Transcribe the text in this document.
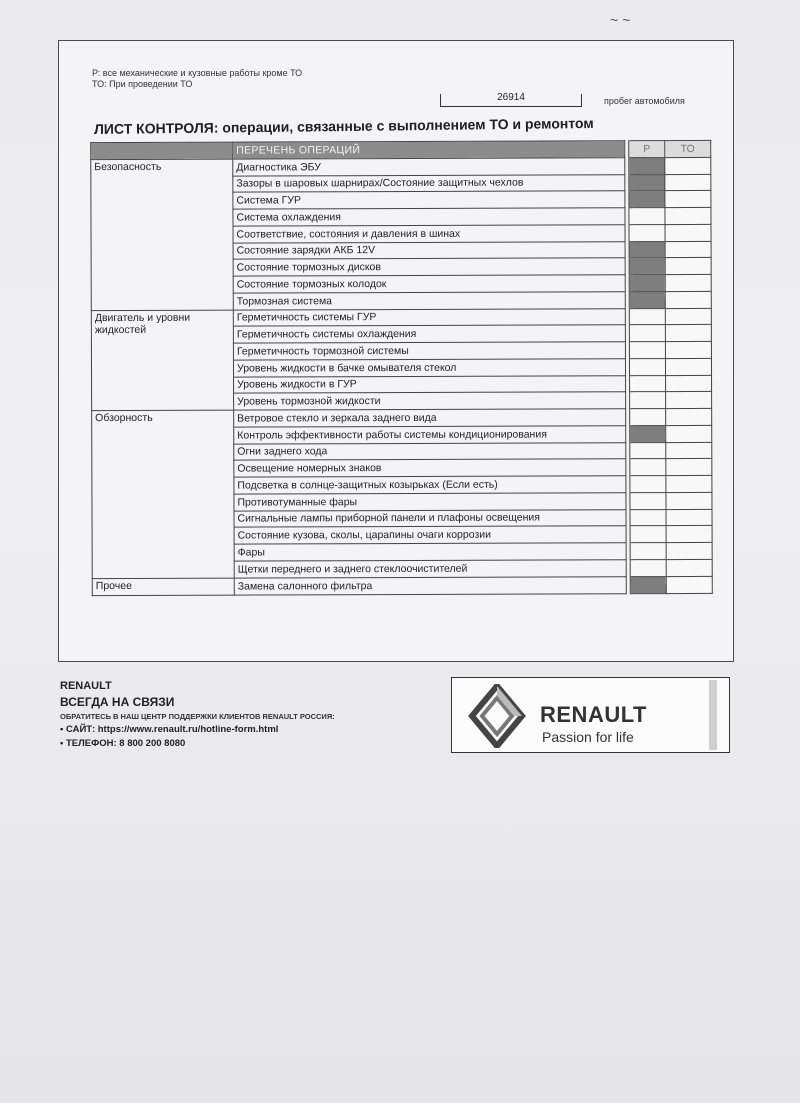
~ ~
Р: все механические и кузовные работы кроме ТО
ТО: При проведении ТО
26914	пробег автомобиля
ЛИСТ КОНТРОЛЯ: операции, связанные с выполнением ТО и ремонтом
	ПЕРЕЧЕНЬ ОПЕРАЦИЙ		Р	ТО
Безопасность	Диагностика ЭБУ			
	Зазоры в шаровых шарнирах/Состояние защитных чехлов			
	Система ГУР			
	Система охлаждения			
	Соответствие, состояния и давления в шинах			
	Состояние зарядки АКБ 12V			
	Состояние тормозных дисков			
	Состояние тормозных колодок			
	Тормозная система			
Двигатель и уровни жидкостей	Герметичность системы ГУР			
	Герметичность системы охлаждения			
	Герметичность тормозной системы			
	Уровень жидкости в бачке омывателя стекол			
	Уровень жидкости в ГУР			
	Уровень тормозной жидкости			
Обзорность	Ветровое стекло и зеркала заднего вида			
	Контроль эффективности работы системы кондиционирования			
	Огни заднего хода			
	Освещение номерных знаков			
	Подсветка в солнце-защитных козырьках (Если есть)			
	Противотуманные фары			
	Сигнальные лампы приборной панели и плафоны освещения			
	Состояние кузова, сколы, царапины очаги коррозии			
	Фары			
	Щетки переднего и заднего стеклоочистителей			
Прочее	Замена салонного фильтра			
RENAULT
ВСЕГДА НА СВЯЗИ
ОБРАТИТЕСЬ В НАШ ЦЕНТР ПОДДЕРЖКИ КЛИЕНТОВ RENAULT РОССИЯ:
• САЙТ: https://www.renault.ru/hotline-form.html
• ТЕЛЕФОН: 8 800 200 8080
RENAULT
Passion for life
